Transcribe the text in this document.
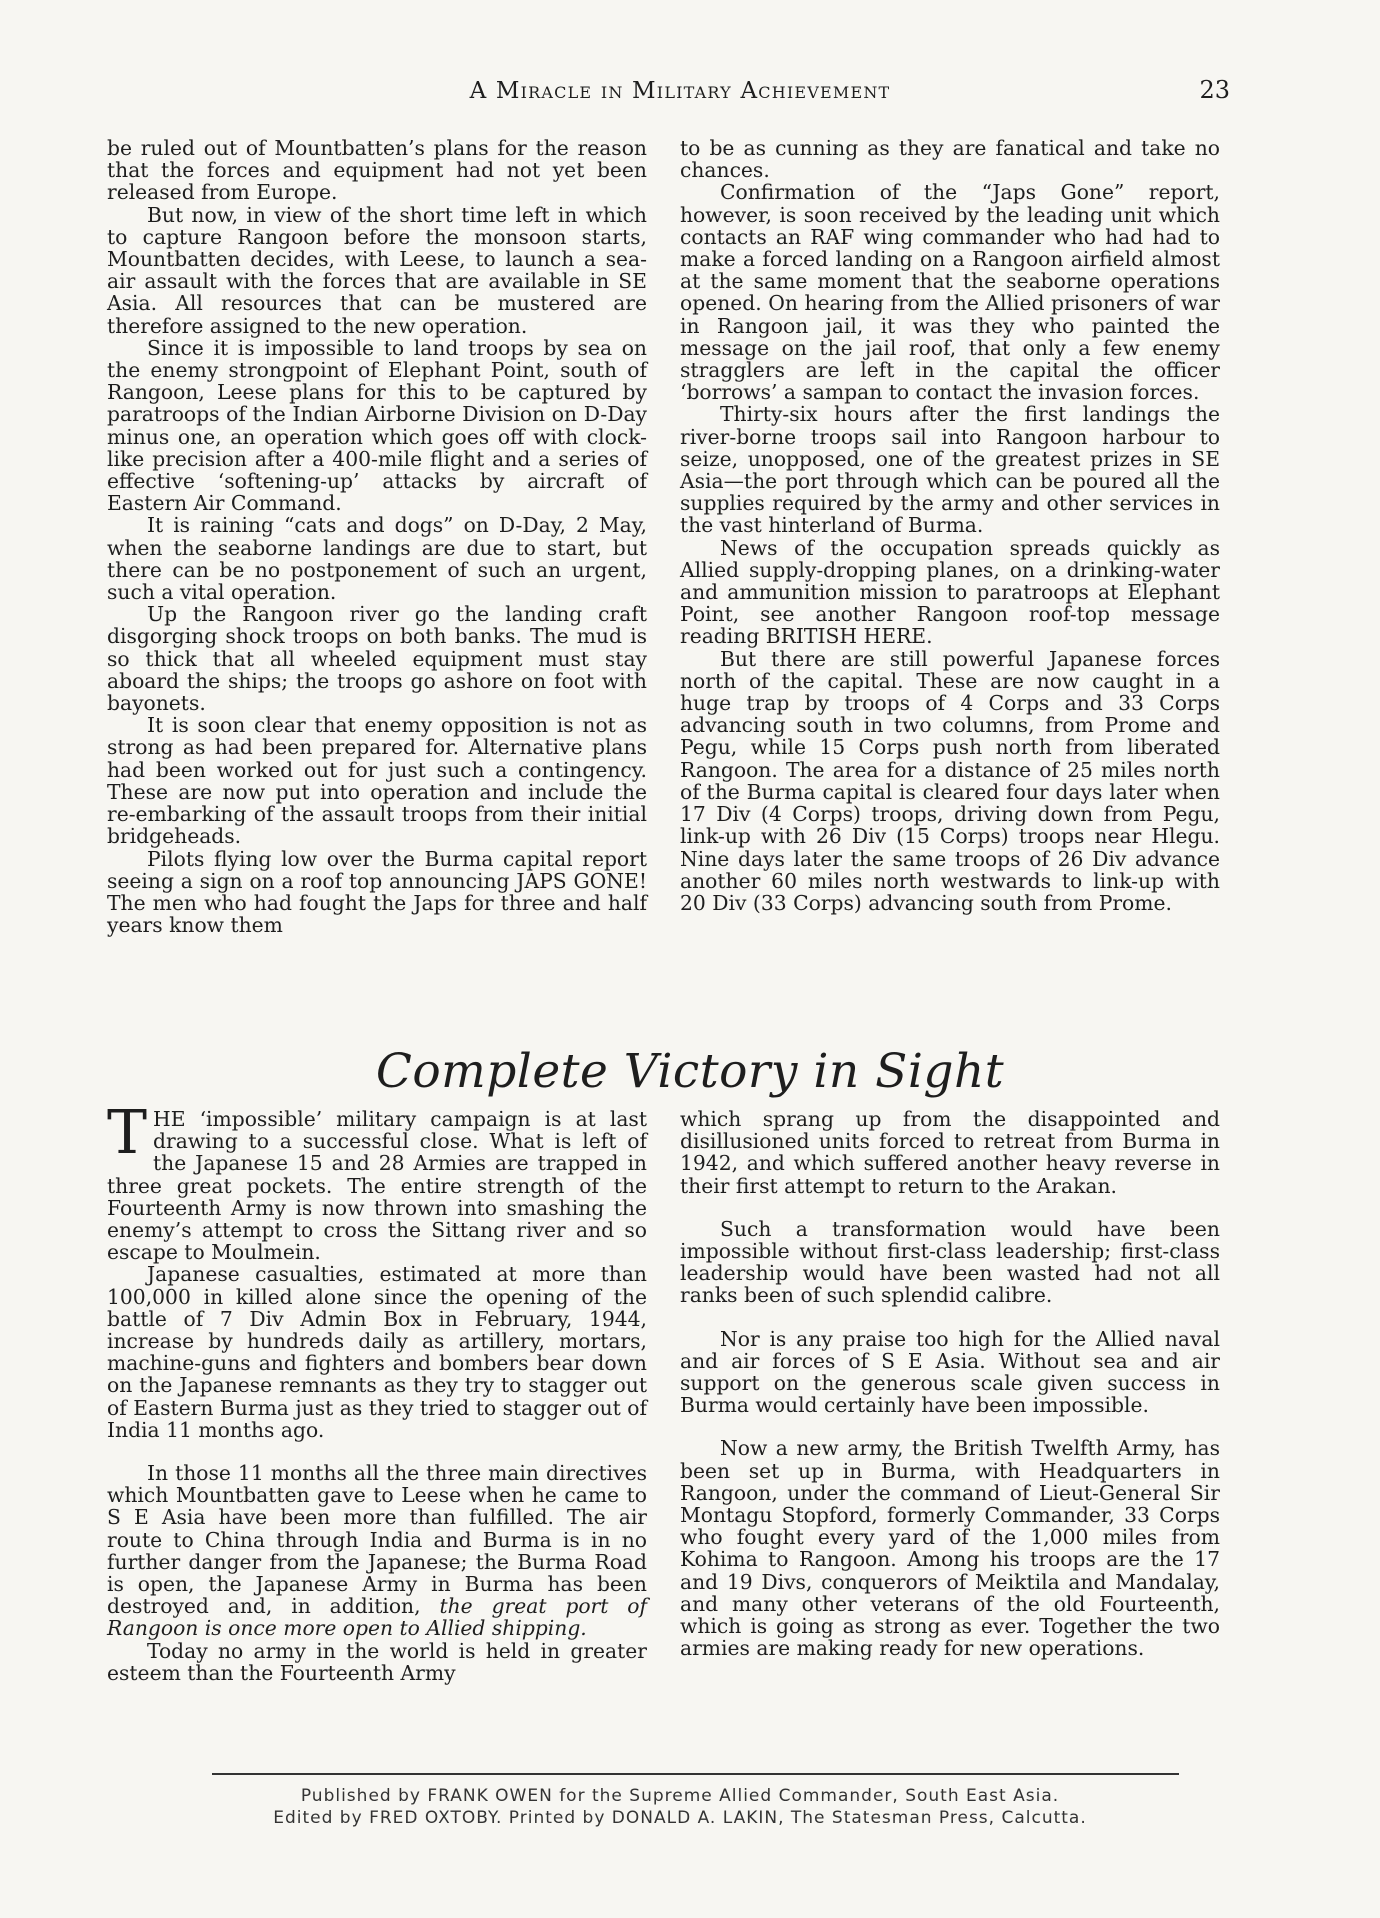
A Miracle in Military Achievement	23

be ruled out of Mountbatten’s plans for the reason that the forces and equipment had not yet been released from Europe.

But now, in view of the short time left in which to capture Rangoon before the monsoon starts, Mountbatten decides, with Leese, to launch a sea-air assault with the forces that are available in SE Asia. All resources that can be mustered are therefore assigned to the new operation.

Since it is impossible to land troops by sea on the enemy strongpoint of Elephant Point, south of Rangoon, Leese plans for this to be captured by paratroops of the Indian Airborne Division on D-Day minus one, an operation which goes off with clock-like precision after a 400-mile flight and a series of effective ‘softening-up’ attacks by aircraft of Eastern Air Command.

It is raining “cats and dogs” on D-Day, 2 May, when the seaborne landings are due to start, but there can be no postponement of such an urgent, such a vital operation.

Up the Rangoon river go the landing craft disgorging shock troops on both banks. The mud is so thick that all wheeled equipment must stay aboard the ships; the troops go ashore on foot with bayonets.

It is soon clear that enemy opposition is not as strong as had been prepared for. Alternative plans had been worked out for just such a contingency. These are now put into operation and include the re-embarking of the assault troops from their initial bridgeheads.

Pilots flying low over the Burma capital report seeing a sign on a roof top announcing JAPS GONE! The men who had fought the Japs for three and half years know them

to be as cunning as they are fanatical and take no chances.

Confirmation of the “Japs Gone” report, however, is soon received by the leading unit which contacts an RAF wing commander who had had to make a forced landing on a Rangoon airfield almost at the same moment that the seaborne operations opened. On hearing from the Allied prisoners of war in Rangoon jail, it was they who painted the message on the jail roof, that only a few enemy stragglers are left in the capital the officer ‘borrows’ a sampan to contact the invasion forces.

Thirty-six hours after the first landings the river-borne troops sail into Rangoon harbour to seize, unopposed, one of the greatest prizes in SE Asia—the port through which can be poured all the supplies required by the army and other services in the vast hinterland of Burma.

News of the occupation spreads quickly as Allied supply-dropping planes, on a drinking-water and ammunition mission to paratroops at Elephant Point, see another Rangoon roof-top message reading BRITISH HERE.

But there are still powerful Japanese forces north of the capital. These are now caught in a huge trap by troops of 4 Corps and 33 Corps advancing south in two columns, from Prome and Pegu, while 15 Corps push north from liberated Rangoon. The area for a distance of 25 miles north of the Burma capital is cleared four days later when 17 Div (4 Corps) troops, driving down from Pegu, link-up with 26 Div (15 Corps) troops near Hlegu. Nine days later the same troops of 26 Div advance another 60 miles north westwards to link-up with 20 Div (33 Corps) advancing south from Prome.

Complete Victory in Sight

THE ‘impossible’ military campaign is at last drawing to a successful close. What is left of the Japanese 15 and 28 Armies are trapped in three great pockets. The entire strength of the Fourteenth Army is now thrown into smashing the enemy’s attempt to cross the Sittang river and so escape to Moulmein.

Japanese casualties, estimated at more than 100,000 in killed alone since the opening of the battle of 7 Div Admin Box in February, 1944, increase by hundreds daily as artillery, mortars, machine-guns and fighters and bombers bear down on the Japanese remnants as they try to stagger out of Eastern Burma just as they tried to stagger out of India 11 months ago.

In those 11 months all the three main directives which Mountbatten gave to Leese when he came to S E Asia have been more than fulfilled. The air route to China through India and Burma is in no further danger from the Japanese; the Burma Road is open, the Japanese Army in Burma has been destroyed and, in addition, the great port of Rangoon is once more open to Allied shipping.

Today no army in the world is held in greater esteem than the Fourteenth Army

which sprang up from the disappointed and disillusioned units forced to retreat from Burma in 1942, and which suffered another heavy reverse in their first attempt to return to the Arakan.

Such a transformation would have been impossible without first-class leadership; first-class leadership would have been wasted had not all ranks been of such splendid calibre.

Nor is any praise too high for the Allied naval and air forces of S E Asia. Without sea and air support on the generous scale given success in Burma would certainly have been impossible.

Now a new army, the British Twelfth Army, has been set up in Burma, with Headquarters in Rangoon, under the command of Lieut-General Sir Montagu Stopford, formerly Commander, 33 Corps who fought every yard of the 1,000 miles from Kohima to Rangoon. Among his troops are the 17 and 19 Divs, conquerors of Meiktila and Mandalay, and many other veterans of the old Fourteenth, which is going as strong as ever. Together the two armies are making ready for new operations.

Published by FRANK OWEN for the Supreme Allied Commander, South East Asia.
Edited by FRED OXTOBY. Printed by DONALD A. LAKIN, The Statesman Press, Calcutta.
